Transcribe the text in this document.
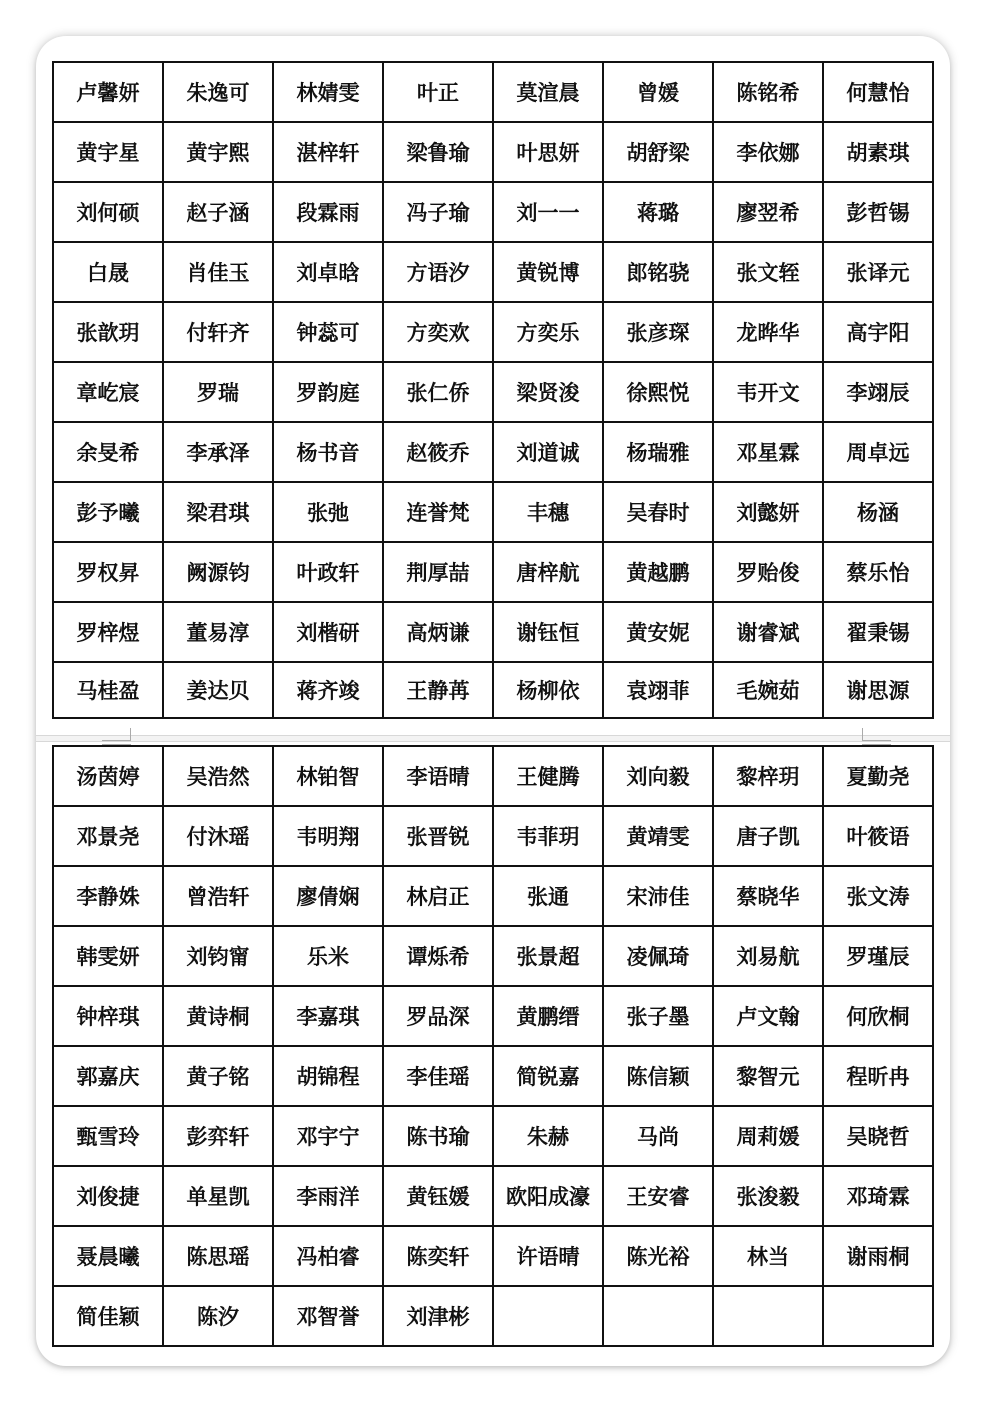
卢馨妍	朱逸可	林婧雯	叶正	莫渲晨	曾媛	陈铭希	何慧怡
黄宇星	黄宇熙	湛梓轩	梁鲁瑜	叶思妍	胡舒梁	李依娜	胡素琪
刘何硕	赵子涵	段霖雨	冯子瑜	刘一一	蒋璐	廖翌希	彭哲锡
白晟	肖佳玉	刘卓晗	方语汐	黄锐博	郎铭骁	张文轾	张译元
张歆玥	付轩齐	钟蕊可	方奕欢	方奕乐	张彦琛	龙晔华	高宇阳
章屹宸	罗瑞	罗韵庭	张仁侨	梁贤浚	徐熙悦	韦开文	李翊辰
余旻希	李承泽	杨书音	赵筱乔	刘道诚	杨瑞雅	邓星霖	周卓远
彭予曦	梁君琪	张弛	连誉梵	丰穗	吴春时	刘懿妍	杨涵
罗权昇	阙源钧	叶政轩	荆厚喆	唐梓航	黄越鹏	罗贻俊	蔡乐怡
罗梓煜	董易淳	刘楷研	高炳谦	谢钰恒	黄安妮	谢睿斌	翟秉锡
马桂盈	姜达贝	蒋齐竣	王静苒	杨柳依	袁翊菲	毛婉茹	谢思源
汤茵婷	吴浩然	林铂智	李语晴	王健腾	刘向毅	黎梓玥	夏勤尧
邓景尧	付沐瑶	韦明翔	张晋锐	韦菲玥	黄靖雯	唐子凯	叶筱语
李静姝	曾浩轩	廖倩娴	林启正	张通	宋沛佳	蔡晓华	张文涛
韩雯妍	刘钧甯	乐米	谭烁希	张景超	凌佩琦	刘易航	罗瑾辰
钟梓琪	黄诗桐	李嘉琪	罗品深	黄鹏缙	张子墨	卢文翰	何欣桐
郭嘉庆	黄子铭	胡锦程	李佳瑶	简锐嘉	陈信颖	黎智元	程昕冉
甄雪玲	彭弈轩	邓宇宁	陈书瑜	朱赫	马尚	周莉媛	吴晓哲
刘俊捷	单星凯	李雨洋	黄钰媛	欧阳成濠	王安睿	张浚毅	邓琦霖
聂晨曦	陈思瑶	冯柏睿	陈奕轩	许语晴	陈光裕	林当	谢雨桐
简佳颖	陈汐	邓智誉	刘津彬				
